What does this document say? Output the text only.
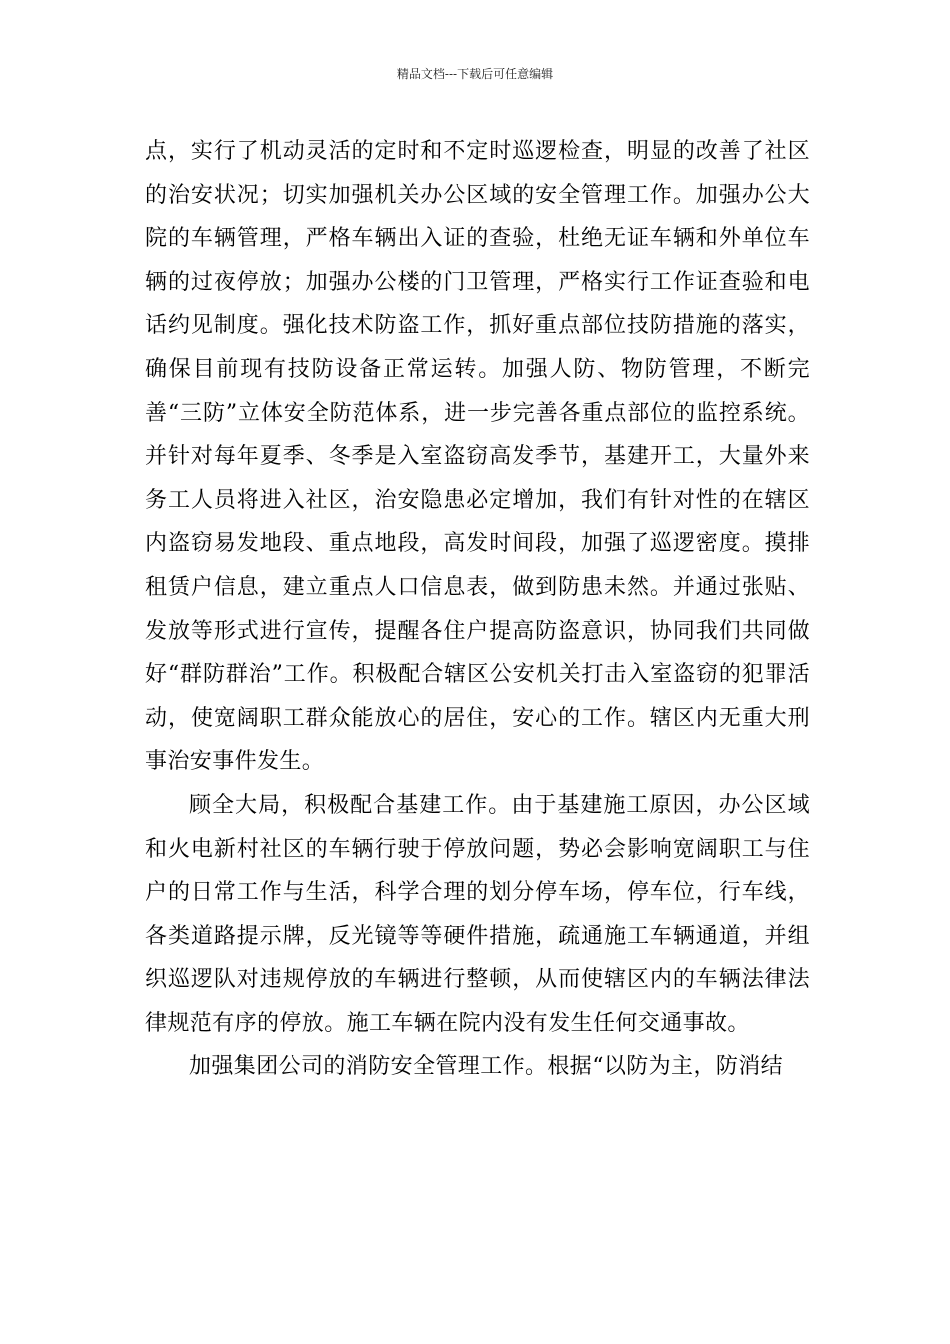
精品文档---下载后可任意编辑

点，实行了机动灵活的定时和不定时巡逻检查，明显的改善了社区的治安状况；切实加强机关办公区域的安全管理工作。加强办公大院的车辆管理，严格车辆出入证的查验，杜绝无证车辆和外单位车辆的过夜停放；加强办公楼的门卫管理，严格实行工作证查验和电话约见制度。强化技术防盗工作，抓好重点部位技防措施的落实，确保目前现有技防设备正常运转。加强人防、物防管理，不断完善“三防”立体安全防范体系，进一步完善各重点部位的监控系统。并针对每年夏季、冬季是入室盗窃高发季节，基建开工，大量外来务工人员将进入社区，治安隐患必定增加，我们有针对性的在辖区内盗窃易发地段、重点地段，高发时间段，加强了巡逻密度。摸排租赁户信息，建立重点人口信息表，做到防患未然。并通过张贴、发放等形式进行宣传，提醒各住户提高防盗意识，协同我们共同做好“群防群治”工作。积极配合辖区公安机关打击入室盗窃的犯罪活动，使宽阔职工群众能放心的居住，安心的工作。辖区内无重大刑事治安事件发生。

顾全大局，积极配合基建工作。由于基建施工原因，办公区域和火电新村社区的车辆行驶于停放问题，势必会影响宽阔职工与住户的日常工作与生活，科学合理的划分停车场，停车位，行车线，各类道路提示牌，反光镜等等硬件措施，疏通施工车辆通道，并组织巡逻队对违规停放的车辆进行整顿，从而使辖区内的车辆法律法律规范有序的停放。施工车辆在院内没有发生任何交通事故。

加强集团公司的消防安全管理工作。根据“以防为主，防消结
